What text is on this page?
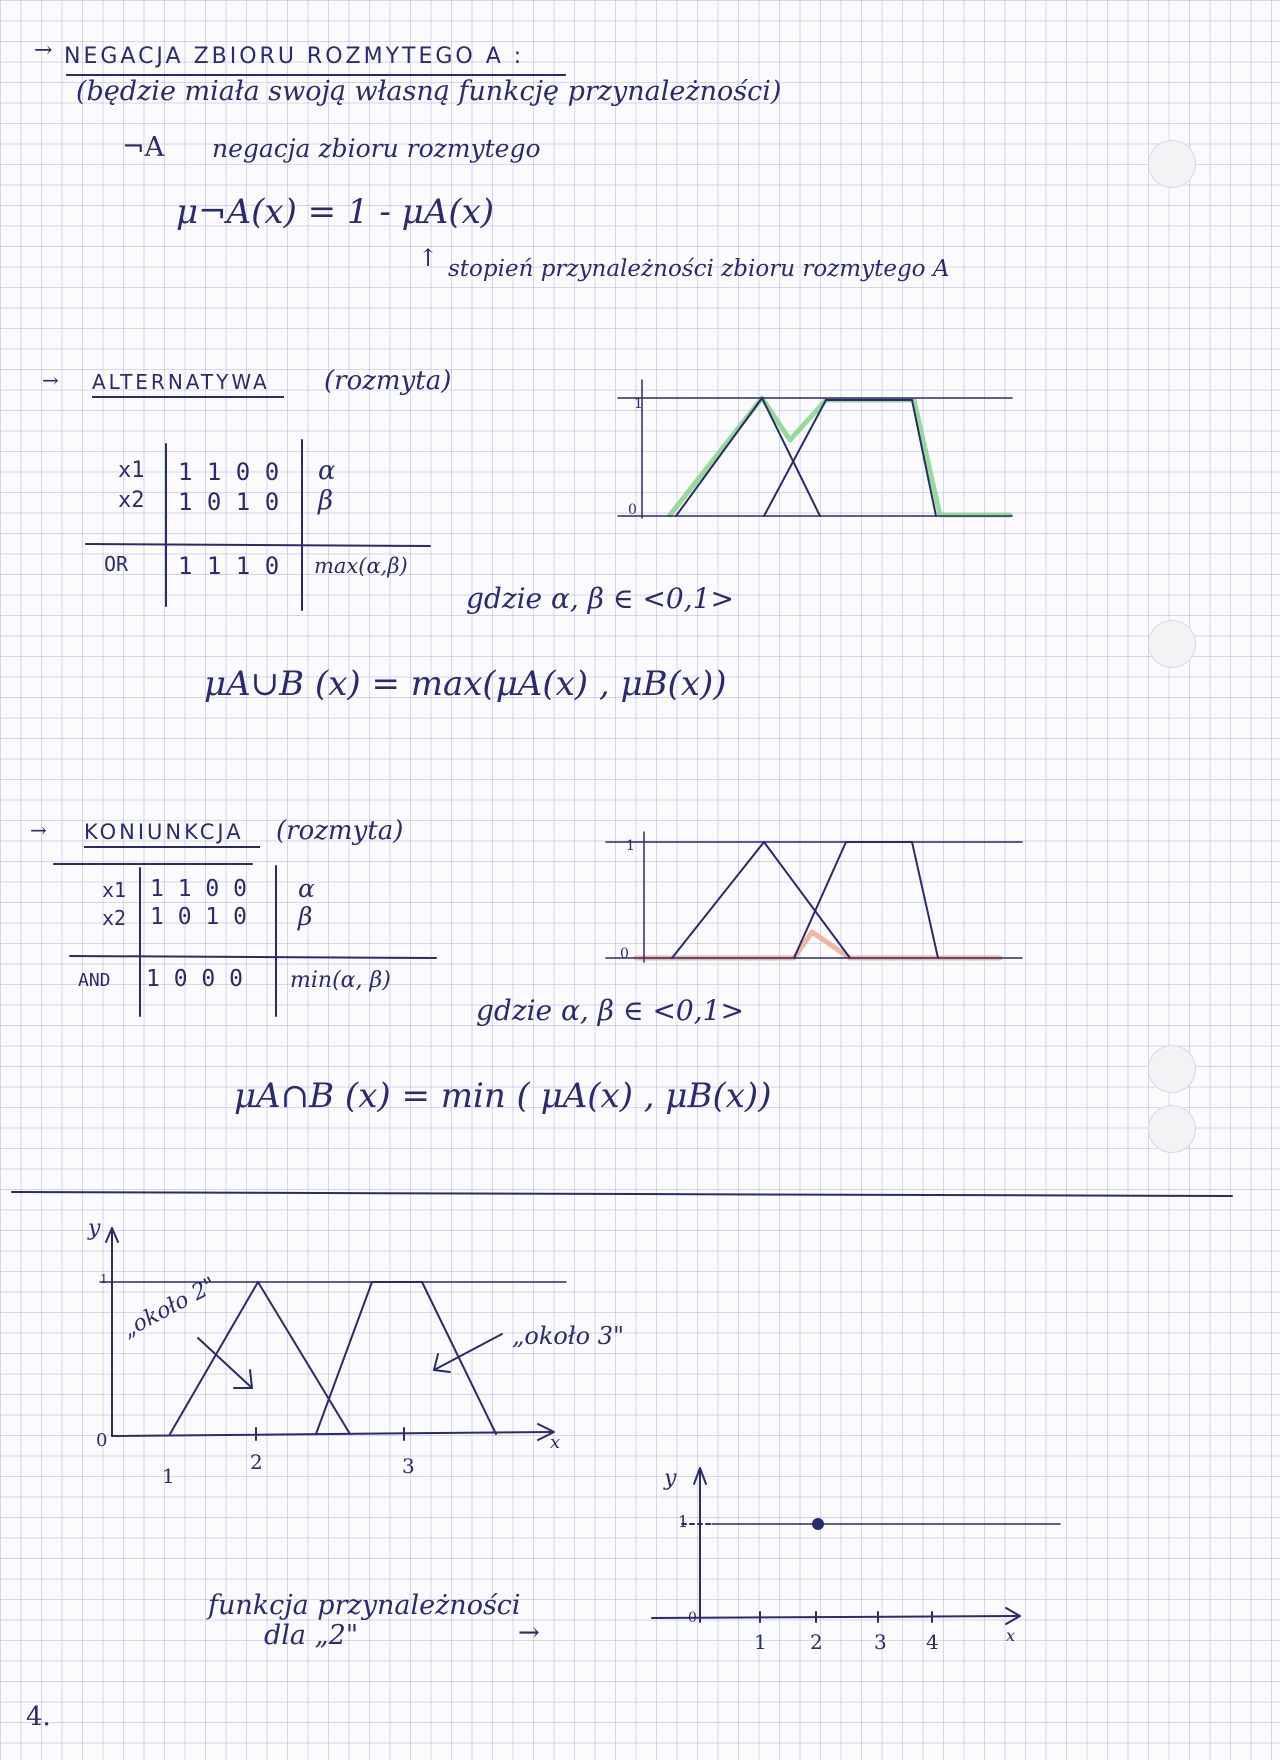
→ NEGACJA ZBIORU ROZMYTEGO A :
(będzie miała swoją własną funkcję przynależności)
¬A negacja zbioru rozmytego
μ¬A(x) = 1 - μA(x)
↑ stopień przynależności zbioru rozmytego A
→ ALTERNATYWA (rozmyta)
x1 1 1 0 0 α
x2 1 0 1 0 β
OR 1 1 1 0 max(α,β)
gdzie α, β ∈ <0,1>
μA∪B (x) = max(μA(x) , μB(x))
1
0
→ KONIUNKCJA (rozmyta)
x1 1 1 0 0 α
x2 1 0 1 0 β
AND 1 0 0 0 min(α, β)
gdzie α, β ∈ <0,1>
μA∩B (x) = min ( μA(x) , μB(x))
1
0
y
1
0	x
1
2	3
„około 2"	„około 3"
funkcja przynależności
dla „2"	→
y
1
0
x
1 2	3 4
4.
